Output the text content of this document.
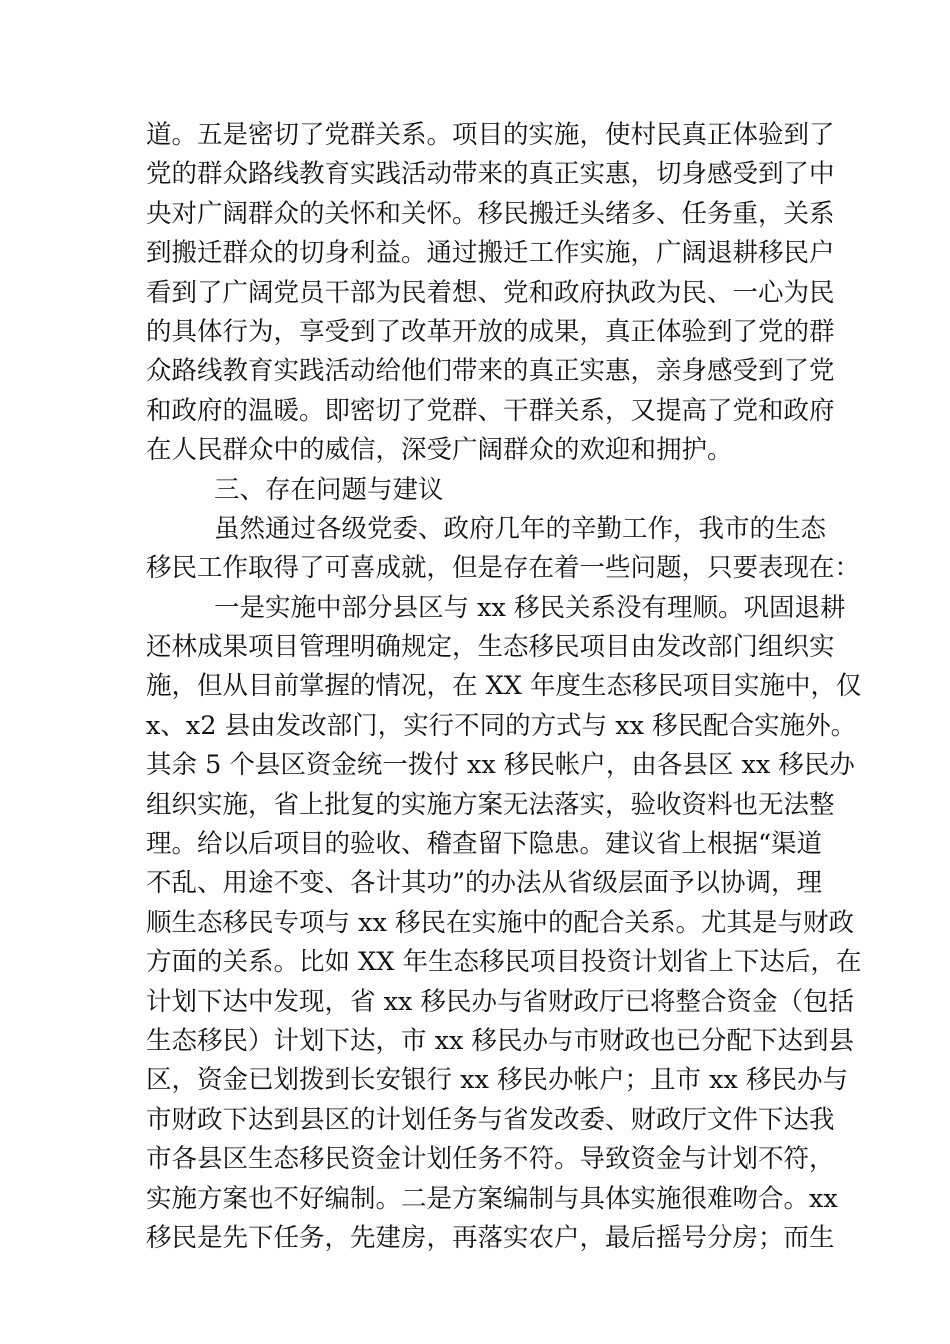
道。五是密切了党群关系。项目的实施，使村民真正体验到了
党的群众路线教育实践活动带来的真正实惠，切身感受到了中
央对广阔群众的关怀和关怀。移民搬迁头绪多、任务重，关系
到搬迁群众的切身利益。通过搬迁工作实施，广阔退耕移民户
看到了广阔党员干部为民着想、党和政府执政为民、一心为民
的具体行为，享受到了改革开放的成果，真正体验到了党的群
众路线教育实践活动给他们带来的真正实惠，亲身感受到了党
和政府的温暖。即密切了党群、干群关系，又提高了党和政府
在人民群众中的威信，深受广阔群众的欢迎和拥护。
三、存在问题与建议
虽然通过各级党委、政府几年的辛勤工作，我市的生态
移民工作取得了可喜成就，但是存在着一些问题，只要表现在：
一是实施中部分县区与 xx 移民关系没有理顺。巩固退耕
还林成果项目管理明确规定，生态移民项目由发改部门组织实
施，但从目前掌握的情况，在 XX 年度生态移民项目实施中，仅
x、x2 县由发改部门，实行不同的方式与 xx 移民配合实施外。
其余 5 个县区资金统一拨付 xx 移民帐户，由各县区 xx 移民办
组织实施，省上批复的实施方案无法落实，验收资料也无法整
理。给以后项目的验收、稽查留下隐患。建议省上根据“渠道
不乱、用途不变、各计其功”的办法从省级层面予以协调，理
顺生态移民专项与 xx 移民在实施中的配合关系。尤其是与财政
方面的关系。比如 XX 年生态移民项目投资计划省上下达后，在
计划下达中发现，省 xx 移民办与省财政厅已将整合资金（包括
生态移民）计划下达，市 xx 移民办与市财政也已分配下达到县
区，资金已划拨到长安银行 xx 移民办帐户；且市 xx 移民办与
市财政下达到县区的计划任务与省发改委、财政厅文件下达我
市各县区生态移民资金计划任务不符。导致资金与计划不符，
实施方案也不好编制。二是方案编制与具体实施很难吻合。xx
移民是先下任务，先建房，再落实农户，最后摇号分房；而生
